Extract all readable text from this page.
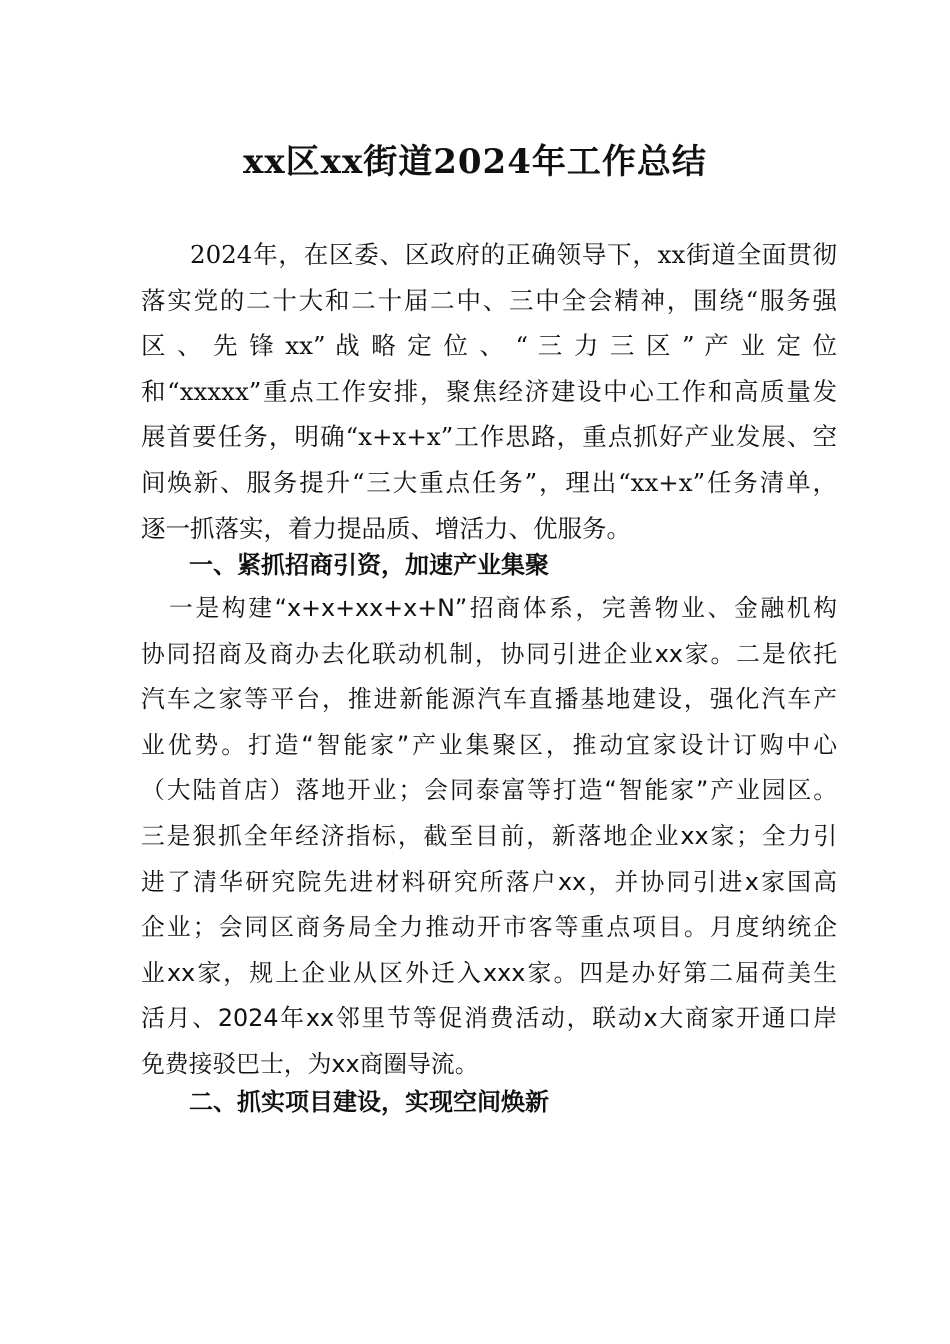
xx区xx街道2024年工作总结
2024年，在区委、区政府的正确领导下，xx街道全面贯彻
落实党的二十大和二十届二中、三中全会精神，围绕“服务强
区 、 先 锋 xx” 战 略 定 位 、 “ 三 力 三 区 ” 产 业 定 位
和“xxxxx”重点工作安排，聚焦经济建设中心工作和高质量发
展首要任务，明确“x+x+x”工作思路，重点抓好产业发展、空
间焕新、服务提升“三大重点任务”，理出“xx+x”任务清单，
逐一抓落实，着力提品质、增活力、优服务。
一、紧抓招商引资，加速产业集聚
一是构建“x+x+xx+x+N”招商体系，完善物业、金融机构
协同招商及商办去化联动机制，协同引进企业xx家。二是依托
汽车之家等平台，推进新能源汽车直播基地建设，强化汽车产
业优势。打造“智能家”产业集聚区，推动宜家设计订购中心
（大陆首店）落地开业；会同泰富等打造“智能家”产业园区。
三是狠抓全年经济指标，截至目前，新落地企业xx家；全力引
进了清华研究院先进材料研究所落户xx，并协同引进x家国高
企业；会同区商务局全力推动开市客等重点项目。月度纳统企
业xx家，规上企业从区外迁入xxx家。四是办好第二届荷美生
活月、2024年xx邻里节等促消费活动，联动x大商家开通口岸
免费接驳巴士，为xx商圈导流。
二、抓实项目建设，实现空间焕新
